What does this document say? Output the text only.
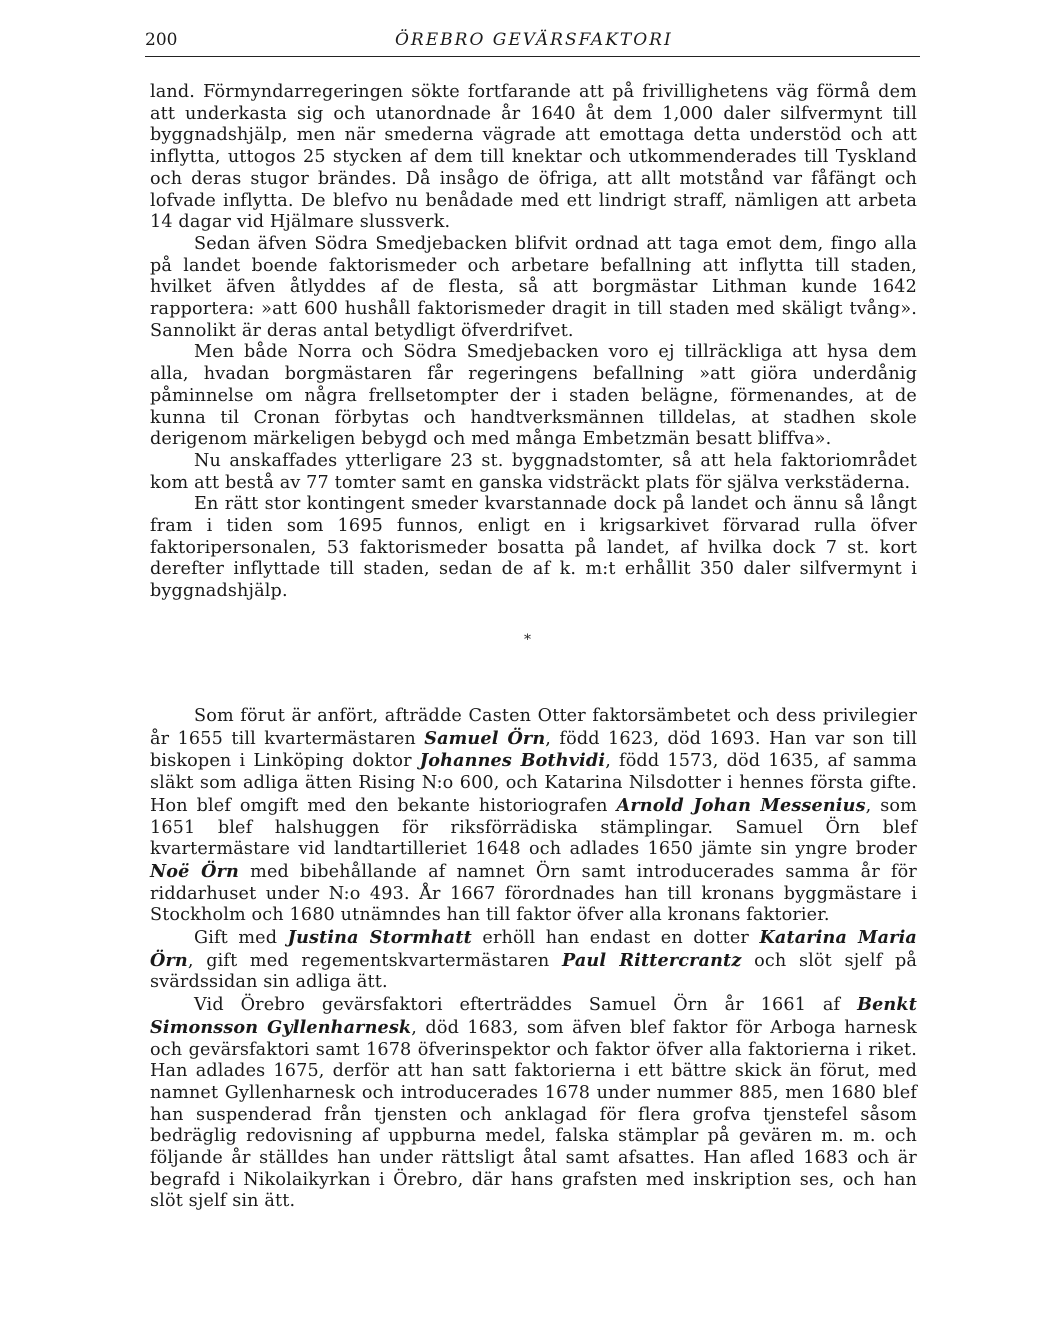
200	ÖREBRO GEVÄRSFAKTORI

land. Förmyndarregeringen sökte fortfarande att på frivillighetens väg förmå dem att underkasta sig och utanordnade år 1640 åt dem 1,000 daler silfvermynt till byggnadshjälp, men när smederna vägrade att emottaga detta understöd och att inflytta, uttogos 25 stycken af dem till knektar och utkommenderades till Tyskland och deras stugor brändes. Då insågo de öfriga, att allt motstånd var fåfängt och lofvade inflytta. De blefvo nu benådade med ett lindrigt straff, nämligen att arbeta 14 dagar vid Hjälmare slussverk.

Sedan äfven Södra Smedjebacken blifvit ordnad att taga emot dem, fingo alla på landet boende faktorismeder och arbetare befallning att inflytta till staden, hvilket äfven åtlyddes af de flesta, så att borgmästar Lithman kunde 1642 rapportera: »att 600 hushåll faktorismeder dragit in till staden med skäligt tvång». Sannolikt är deras antal betydligt öfverdrifvet.

Men både Norra och Södra Smedjebacken voro ej tillräckliga att hysa dem alla, hvadan borgmästaren får regeringens befallning »att giöra underdånig påminnelse om några frellsetompter der i staden belägne, förmenandes, at de kunna til Cronan förbytas och handtverksmännen tilldelas, at stadhen skole derigenom märkeligen bebygd och med många Embetzmän besatt bliffva».

Nu anskaffades ytterligare 23 st. byggnadstomter, så att hela faktoriområdet kom att bestå av 77 tomter samt en ganska vidsträckt plats för själva verkstäderna.

En rätt stor kontingent smeder kvarstannade dock på landet och ännu så långt fram i tiden som 1695 funnos, enligt en i krigsarkivet förvarad rulla öfver faktoripersonalen, 53 faktorismeder bosatta på landet, af hvilka dock 7 st. kort derefter inflyttade till staden, sedan de af k. m:t erhållit 350 daler silfvermynt i byggnadshjälp.

*

Som förut är anfört, afträdde Casten Otter faktorsämbetet och dess privilegier år 1655 till kvartermästaren Samuel Örn, född 1623, död 1693. Han var son till biskopen i Linköping doktor Johannes Bothvidi, född 1573, död 1635, af samma släkt som adliga ätten Rising N:o 600, och Katarina Nilsdotter i hennes första gifte. Hon blef omgift med den bekante historiografen Arnold Johan Messenius, som 1651 blef halshuggen för riksförrädiska stämplingar. Samuel Örn blef kvartermästare vid landtartilleriet 1648 och adlades 1650 jämte sin yngre broder Noë Örn med bibehållande af namnet Örn samt introducerades samma år för riddarhuset under N:o 493. År 1667 förordnades han till kronans byggmästare i Stockholm och 1680 utnämndes han till faktor öfver alla kronans faktorier.

Gift med Justina Stormhatt erhöll han endast en dotter Katarina Maria Örn, gift med regementskvartermästaren Paul Rittercrantz och slöt sjelf på svärdssidan sin adliga ätt.

Vid Örebro gevärsfaktori efterträddes Samuel Örn år 1661 af Benkt Simonsson Gyllenharnesk, död 1683, som äfven blef faktor för Arboga harnesk och gevärsfaktori samt 1678 öfverinspektor och faktor öfver alla faktorierna i riket. Han adlades 1675, derför att han satt faktorierna i ett bättre skick än förut, med namnet Gyllenharnesk och introducerades 1678 under nummer 885, men 1680 blef han suspenderad från tjensten och anklagad för flera grofva tjenstefel såsom bedräglig redovisning af uppburna medel, falska stämplar på gevären m. m. och följande år ställdes han under rättsligt åtal samt afsattes. Han afled 1683 och är begrafd i Nikolaikyrkan i Örebro, där hans grafsten med inskription ses, och han slöt sjelf sin ätt.
